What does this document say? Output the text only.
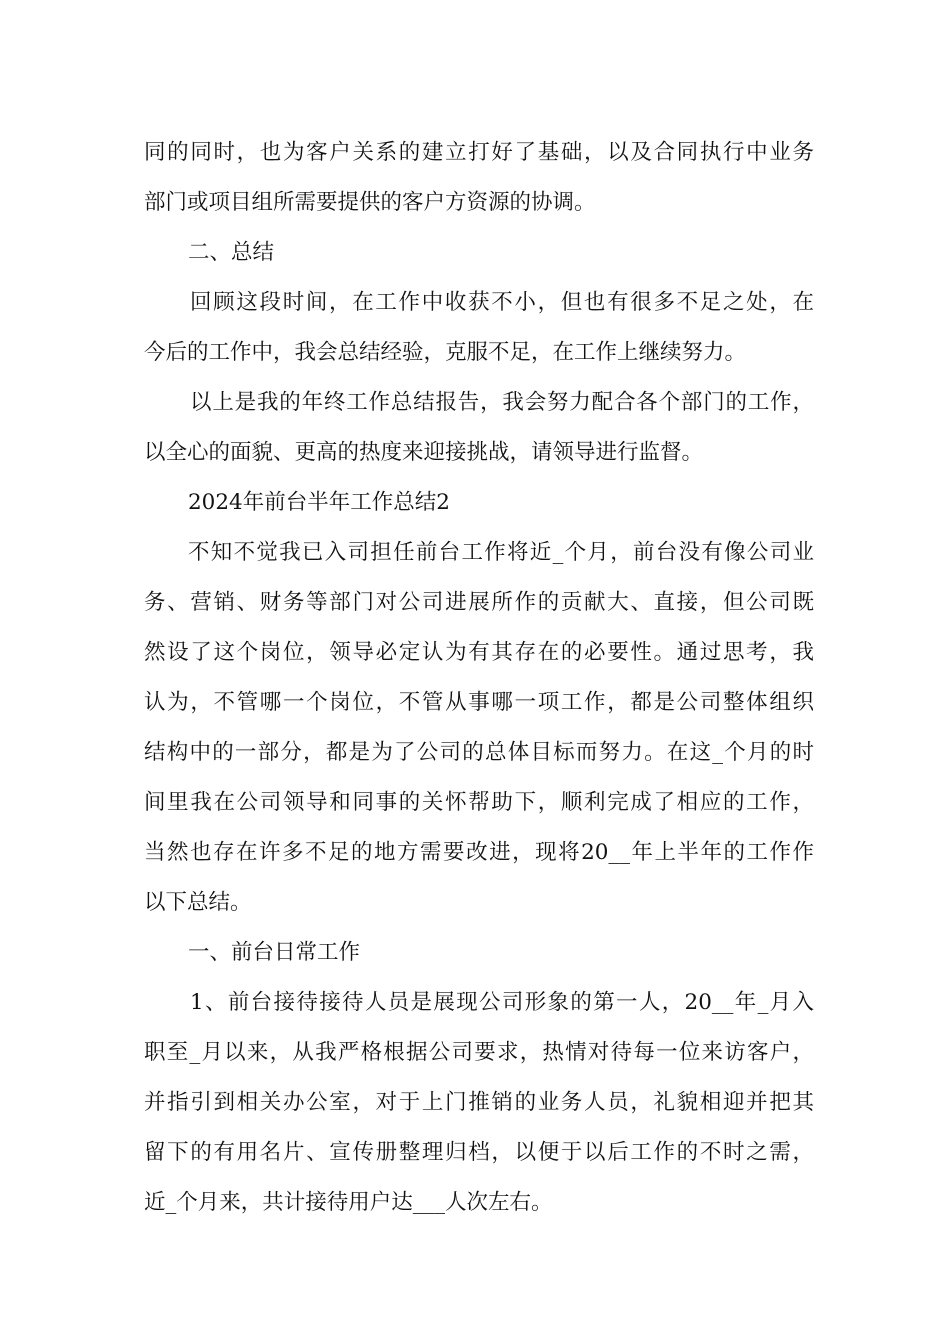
同的同时，也为客户关系的建立打好了基础，以及合同执行中业务
部门或项目组所需要提供的客户方资源的协调。
二、总结
回顾这段时间，在工作中收获不小，但也有很多不足之处，在
今后的工作中，我会总结经验，克服不足，在工作上继续努力。
以上是我的年终工作总结报告，我会努力配合各个部门的工作，
以全心的面貌、更高的热度来迎接挑战，请领导进行监督。
2024年前台半年工作总结2
不知不觉我已入司担任前台工作将近_个月，前台没有像公司业
务、营销、财务等部门对公司进展所作的贡献大、直接，但公司既
然设了这个岗位，领导必定认为有其存在的必要性。通过思考，我
认为，不管哪一个岗位，不管从事哪一项工作，都是公司整体组织
结构中的一部分，都是为了公司的总体目标而努力。在这_个月的时
间里我在公司领导和同事的关怀帮助下，顺利完成了相应的工作，
当然也存在许多不足的地方需要改进，现将20__年上半年的工作作
以下总结。
一、前台日常工作
1、前台接待接待人员是展现公司形象的第一人，20__年_月入
职至_月以来，从我严格根据公司要求，热情对待每一位来访客户，
并指引到相关办公室，对于上门推销的业务人员，礼貌相迎并把其
留下的有用名片、宣传册整理归档，以便于以后工作的不时之需，
近_个月来，共计接待用户达___人次左右。
